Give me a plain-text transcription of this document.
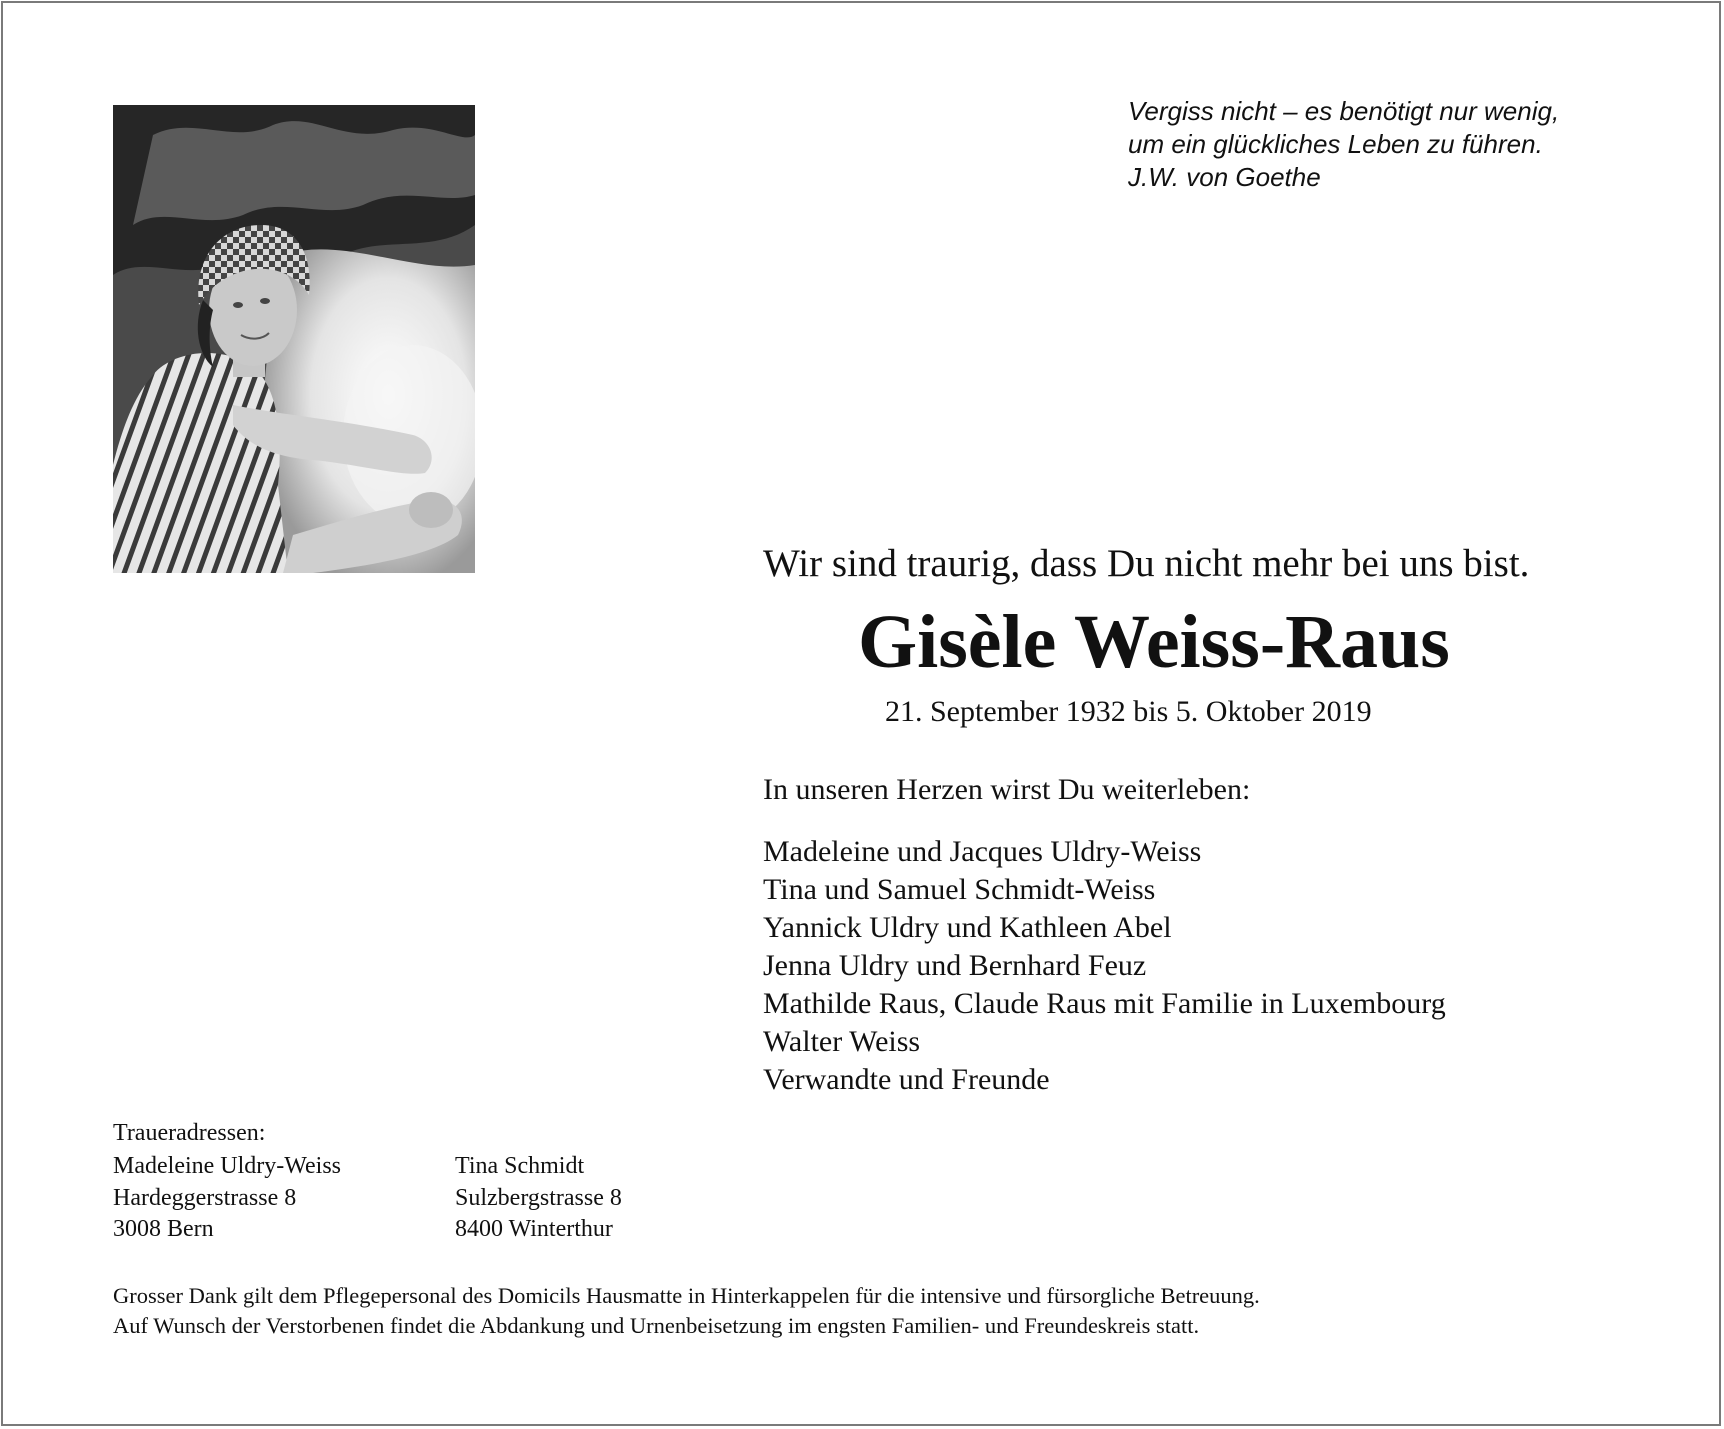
Vergiss nicht – es benötigt nur wenig,
um ein glückliches Leben zu führen.
J.W. von Goethe
Wir sind traurig, dass Du nicht mehr bei uns bist.
Gisèle Weiss-Raus
21. September 1932 bis 5. Oktober 2019
In unseren Herzen wirst Du weiterleben:
Madeleine und Jacques Uldry-Weiss
Tina und Samuel Schmidt-Weiss
Yannick Uldry und Kathleen Abel
Jenna Uldry und Bernhard Feuz
Mathilde Raus, Claude Raus mit Familie in Luxembourg
Walter Weiss
Verwandte und Freunde
Traueradressen:
Madeleine Uldry-Weiss
Hardeggerstrasse 8
3008 Bern
Tina Schmidt
Sulzbergstrasse 8
8400 Winterthur
Grosser Dank gilt dem Pflegepersonal des Domicils Hausmatte in Hinterkappelen für die intensive und fürsorgliche Betreuung.
Auf Wunsch der Verstorbenen findet die Abdankung und Urnenbeisetzung im engsten Familien- und Freundeskreis statt.
